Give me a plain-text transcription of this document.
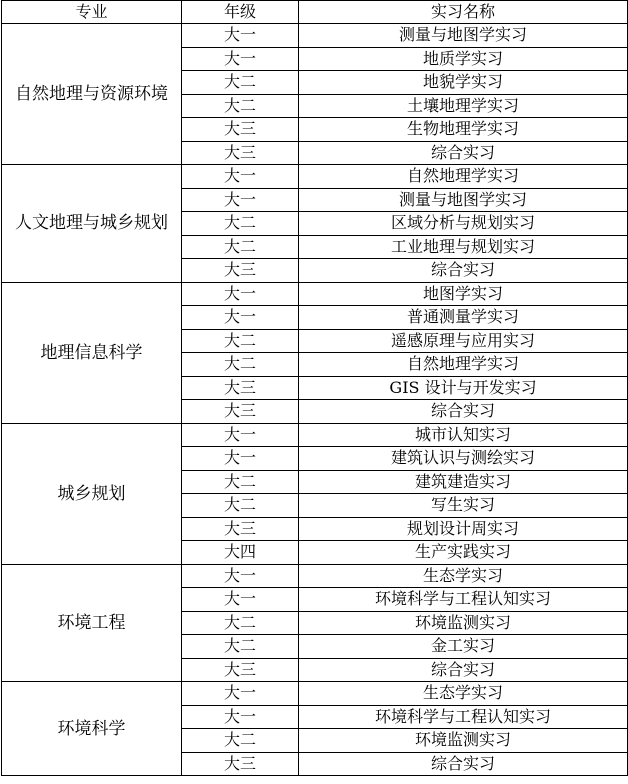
专业	年级	实习名称
自然地理与资源环境	大一	测量与地图学实习
	大一	地质学实习
	大二	地貌学实习
	大二	土壤地理学实习
	大三	生物地理学实习
	大三	综合实习
人文地理与城乡规划	大一	自然地理学实习
	大一	测量与地图学实习
	大二	区域分析与规划实习
	大二	工业地理与规划实习
	大三	综合实习
地理信息科学	大一	地图学实习
	大一	普通测量学实习
	大二	遥感原理与应用实习
	大二	自然地理学实习
	大三	GIS 设计与开发实习
	大三	综合实习
城乡规划	大一	城市认知实习
	大一	建筑认识与测绘实习
	大二	建筑建造实习
	大二	写生实习
	大三	规划设计周实习
	大四	生产实践实习
环境工程	大一	生态学实习
	大一	环境科学与工程认知实习
	大二	环境监测实习
	大二	金工实习
	大三	综合实习
环境科学	大一	生态学实习
	大一	环境科学与工程认知实习
	大二	环境监测实习
	大三	综合实习
